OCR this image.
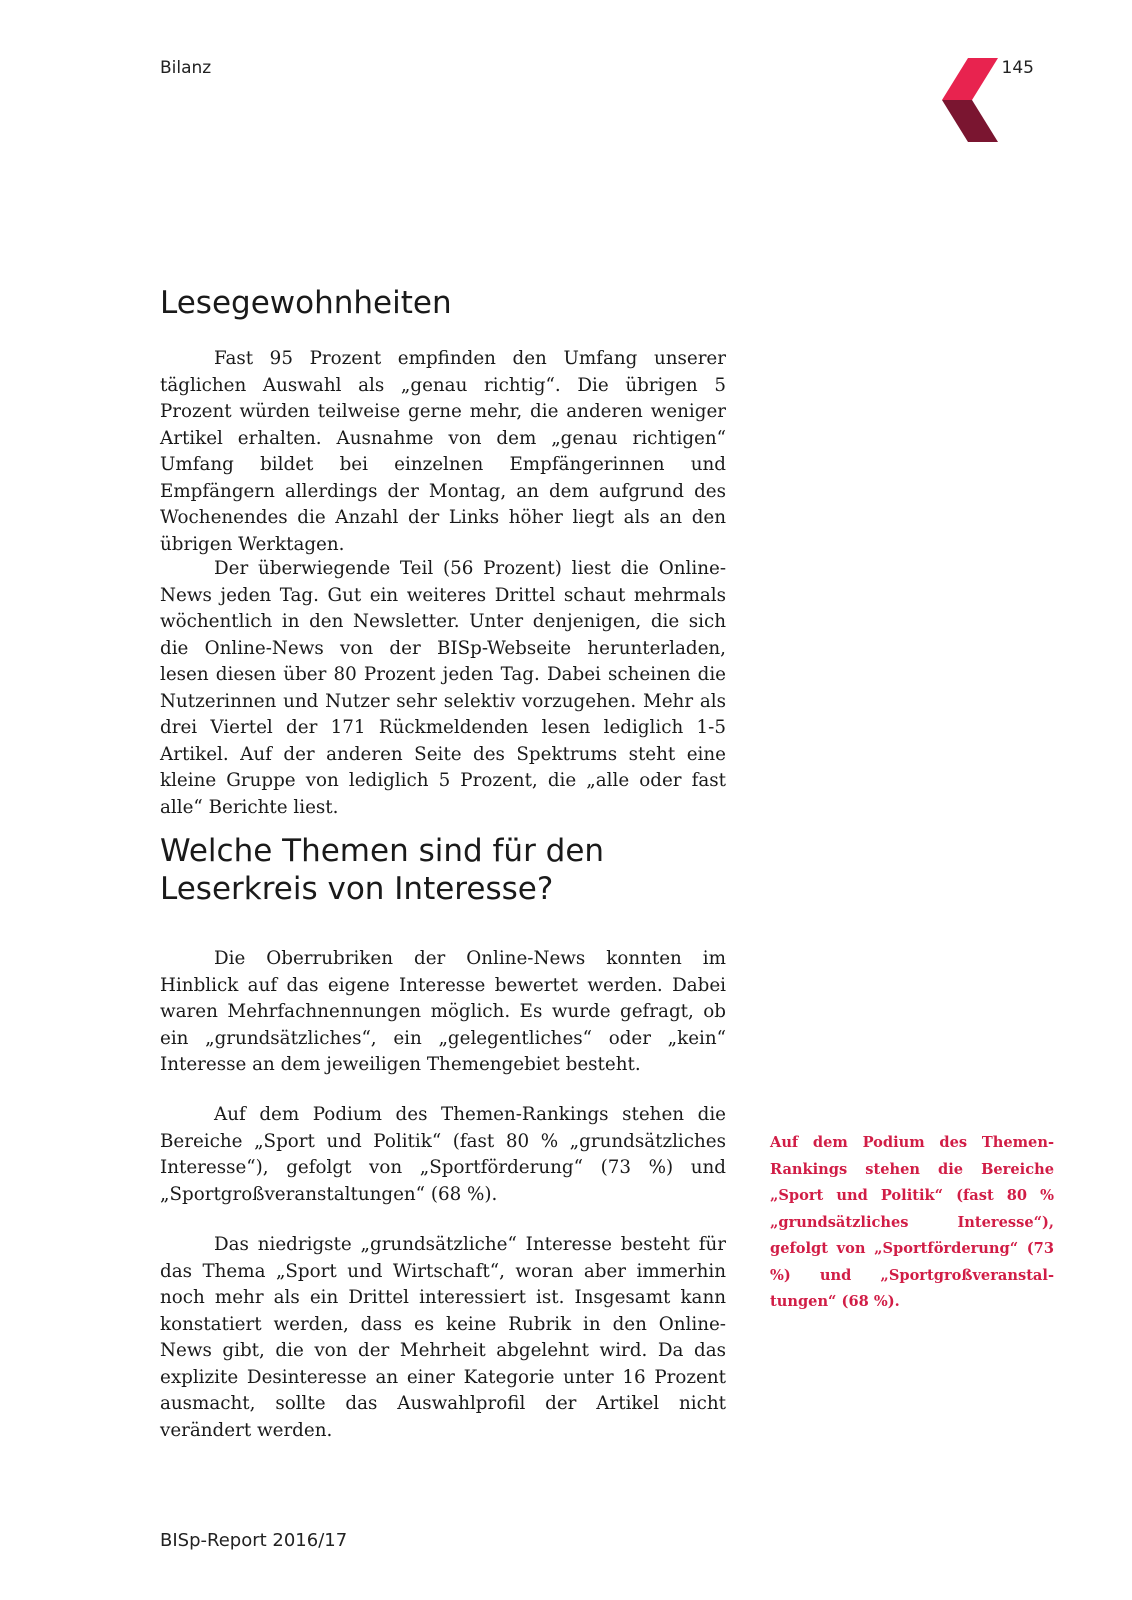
Bilanz	145
Lesegewohnheiten

Fast 95 Prozent empfinden den Umfang unserer täglichen Auswahl als „genau richtig“. Die übrigen 5 Prozent würden teilweise gerne mehr, die anderen weniger Artikel erhalten. Ausnahme von dem „genau richtigen“ Umfang bildet bei einzelnen Empfängerinnen und Empfängern allerdings der Montag, an dem aufgrund des Wochenendes die Anzahl der Links höher liegt als an den übrigen Werktagen.

Der überwiegende Teil (56 Prozent) liest die Online-News jeden Tag. Gut ein weiteres Drittel schaut mehrmals wöchentlich in den Newsletter. Unter denjenigen, die sich die Online-News von der BISp-Webseite herunterladen, lesen diesen über 80 Prozent jeden Tag. Dabei scheinen die Nutzerinnen und Nutzer sehr selektiv vorzugehen. Mehr als drei Viertel der 171 Rückmeldenden lesen lediglich 1-5 Artikel. Auf der anderen Seite des Spektrums steht eine kleine Gruppe von lediglich 5 Prozent, die „alle oder fast alle“ Berichte liest.

Welche Themen sind für den Leserkreis von Interesse?

Die Oberrubriken der Online-News konnten im Hinblick auf das eigene Interesse bewertet werden. Dabei waren Mehrfachnennungen möglich. Es wurde gefragt, ob ein „grundsätzliches“, ein „gelegentliches“ oder „kein“ Interesse an dem jeweiligen Themengebiet besteht.

Auf dem Podium des Themen-Rankings stehen die Bereiche „Sport und Politik“ (fast 80 % „grundsätzliches Interesse“), gefolgt von „Sportförderung“ (73 %) und „Sportgroßveranstaltungen“ (68 %).

Das niedrigste „grundsätzliche“ Interesse besteht für das Thema „Sport und Wirtschaft“, woran aber immerhin noch mehr als ein Drittel interessiert ist. Insgesamt kann konstatiert werden, dass es keine Rubrik in den Online-News gibt, die von der Mehrheit abgelehnt wird. Da das explizite Desinteresse an einer Kategorie unter 16 Prozent ausmacht, sollte das Auswahlprofil der Artikel nicht verändert werden.

Auf dem Podium des Themen-Rankings stehen die Bereiche „Sport und Politik“ (fast 80 % „grundsätzliches Interesse“), gefolgt von „Sportförderung“ (73 %) und „Sportgroßveranstaltungen“ (68 %).

BISp-Report 2016/17
